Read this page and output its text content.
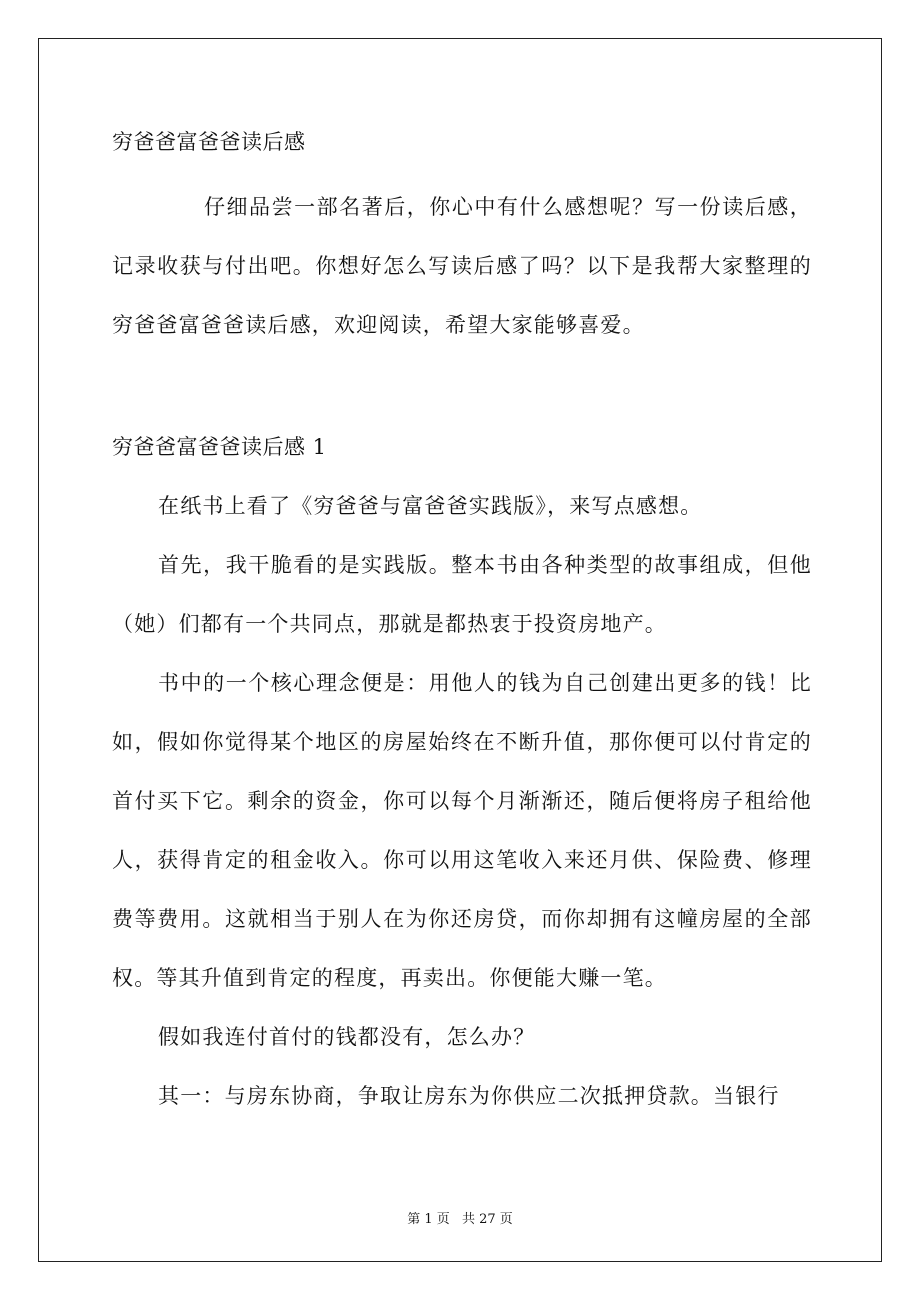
穷爸爸富爸爸读后感

仔细品尝一部名著后，你心中有什么感想呢？写一份读后感，记录收获与付出吧。你想好怎么写读后感了吗？以下是我帮大家整理的穷爸爸富爸爸读后感，欢迎阅读，希望大家能够喜爱。

穷爸爸富爸爸读后感 1

在纸书上看了《穷爸爸与富爸爸实践版》，来写点感想。

首先，我干脆看的是实践版。整本书由各种类型的故事组成，但他（她）们都有一个共同点，那就是都热衷于投资房地产。

书中的一个核心理念便是：用他人的钱为自己创建出更多的钱！比如，假如你觉得某个地区的房屋始终在不断升值，那你便可以付肯定的首付买下它。剩余的资金，你可以每个月渐渐还，随后便将房子租给他人，获得肯定的租金收入。你可以用这笔收入来还月供、保险费、修理费等费用。这就相当于别人在为你还房贷，而你却拥有这幢房屋的全部权。等其升值到肯定的程度，再卖出。你便能大赚一笔。

假如我连付首付的钱都没有，怎么办？

其一：与房东协商，争取让房东为你供应二次抵押贷款。当银行

第 1 页 共 27 页
